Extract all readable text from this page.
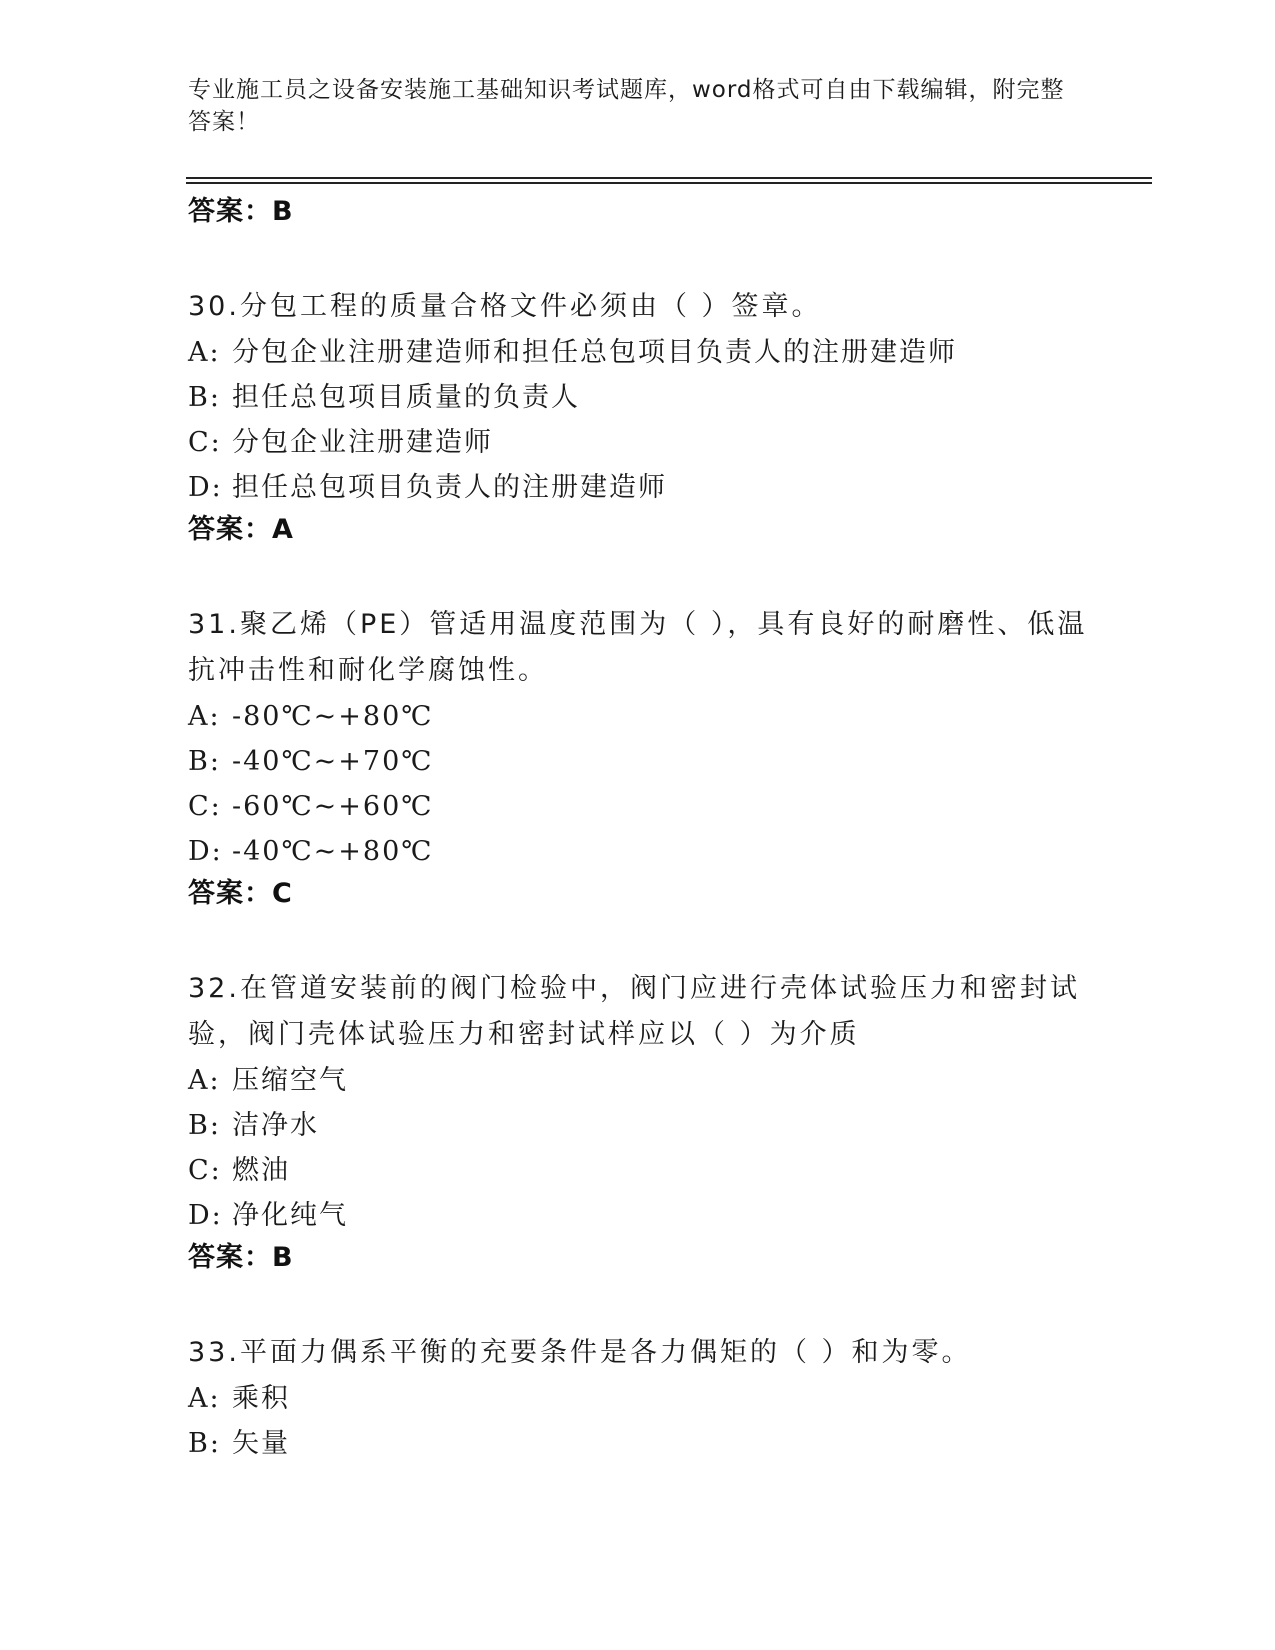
专业施工员之设备安装施工基础知识考试题库，word格式可自由下载编辑，附完整答案！
答案：B
30.分包工程的质量合格文件必须由（ ）签章。
A: 分包企业注册建造师和担任总包项目负责人的注册建造师
B: 担任总包项目质量的负责人
C: 分包企业注册建造师
D: 担任总包项目负责人的注册建造师
答案：A
31.聚乙烯（PE）管适用温度范围为（ ），具有良好的耐磨性、低温抗冲击性和耐化学腐蚀性。
A: -80℃~+80℃
B: -40℃~+70℃
C: -60℃~+60℃
D: -40℃~+80℃
答案：C
32.在管道安装前的阀门检验中，阀门应进行壳体试验压力和密封试验，阀门壳体试验压力和密封试样应以（ ）为介质
A: 压缩空气
B: 洁净水
C: 燃油
D: 净化纯气
答案：B
33.平面力偶系平衡的充要条件是各力偶矩的（ ）和为零。
A: 乘积
B: 矢量
